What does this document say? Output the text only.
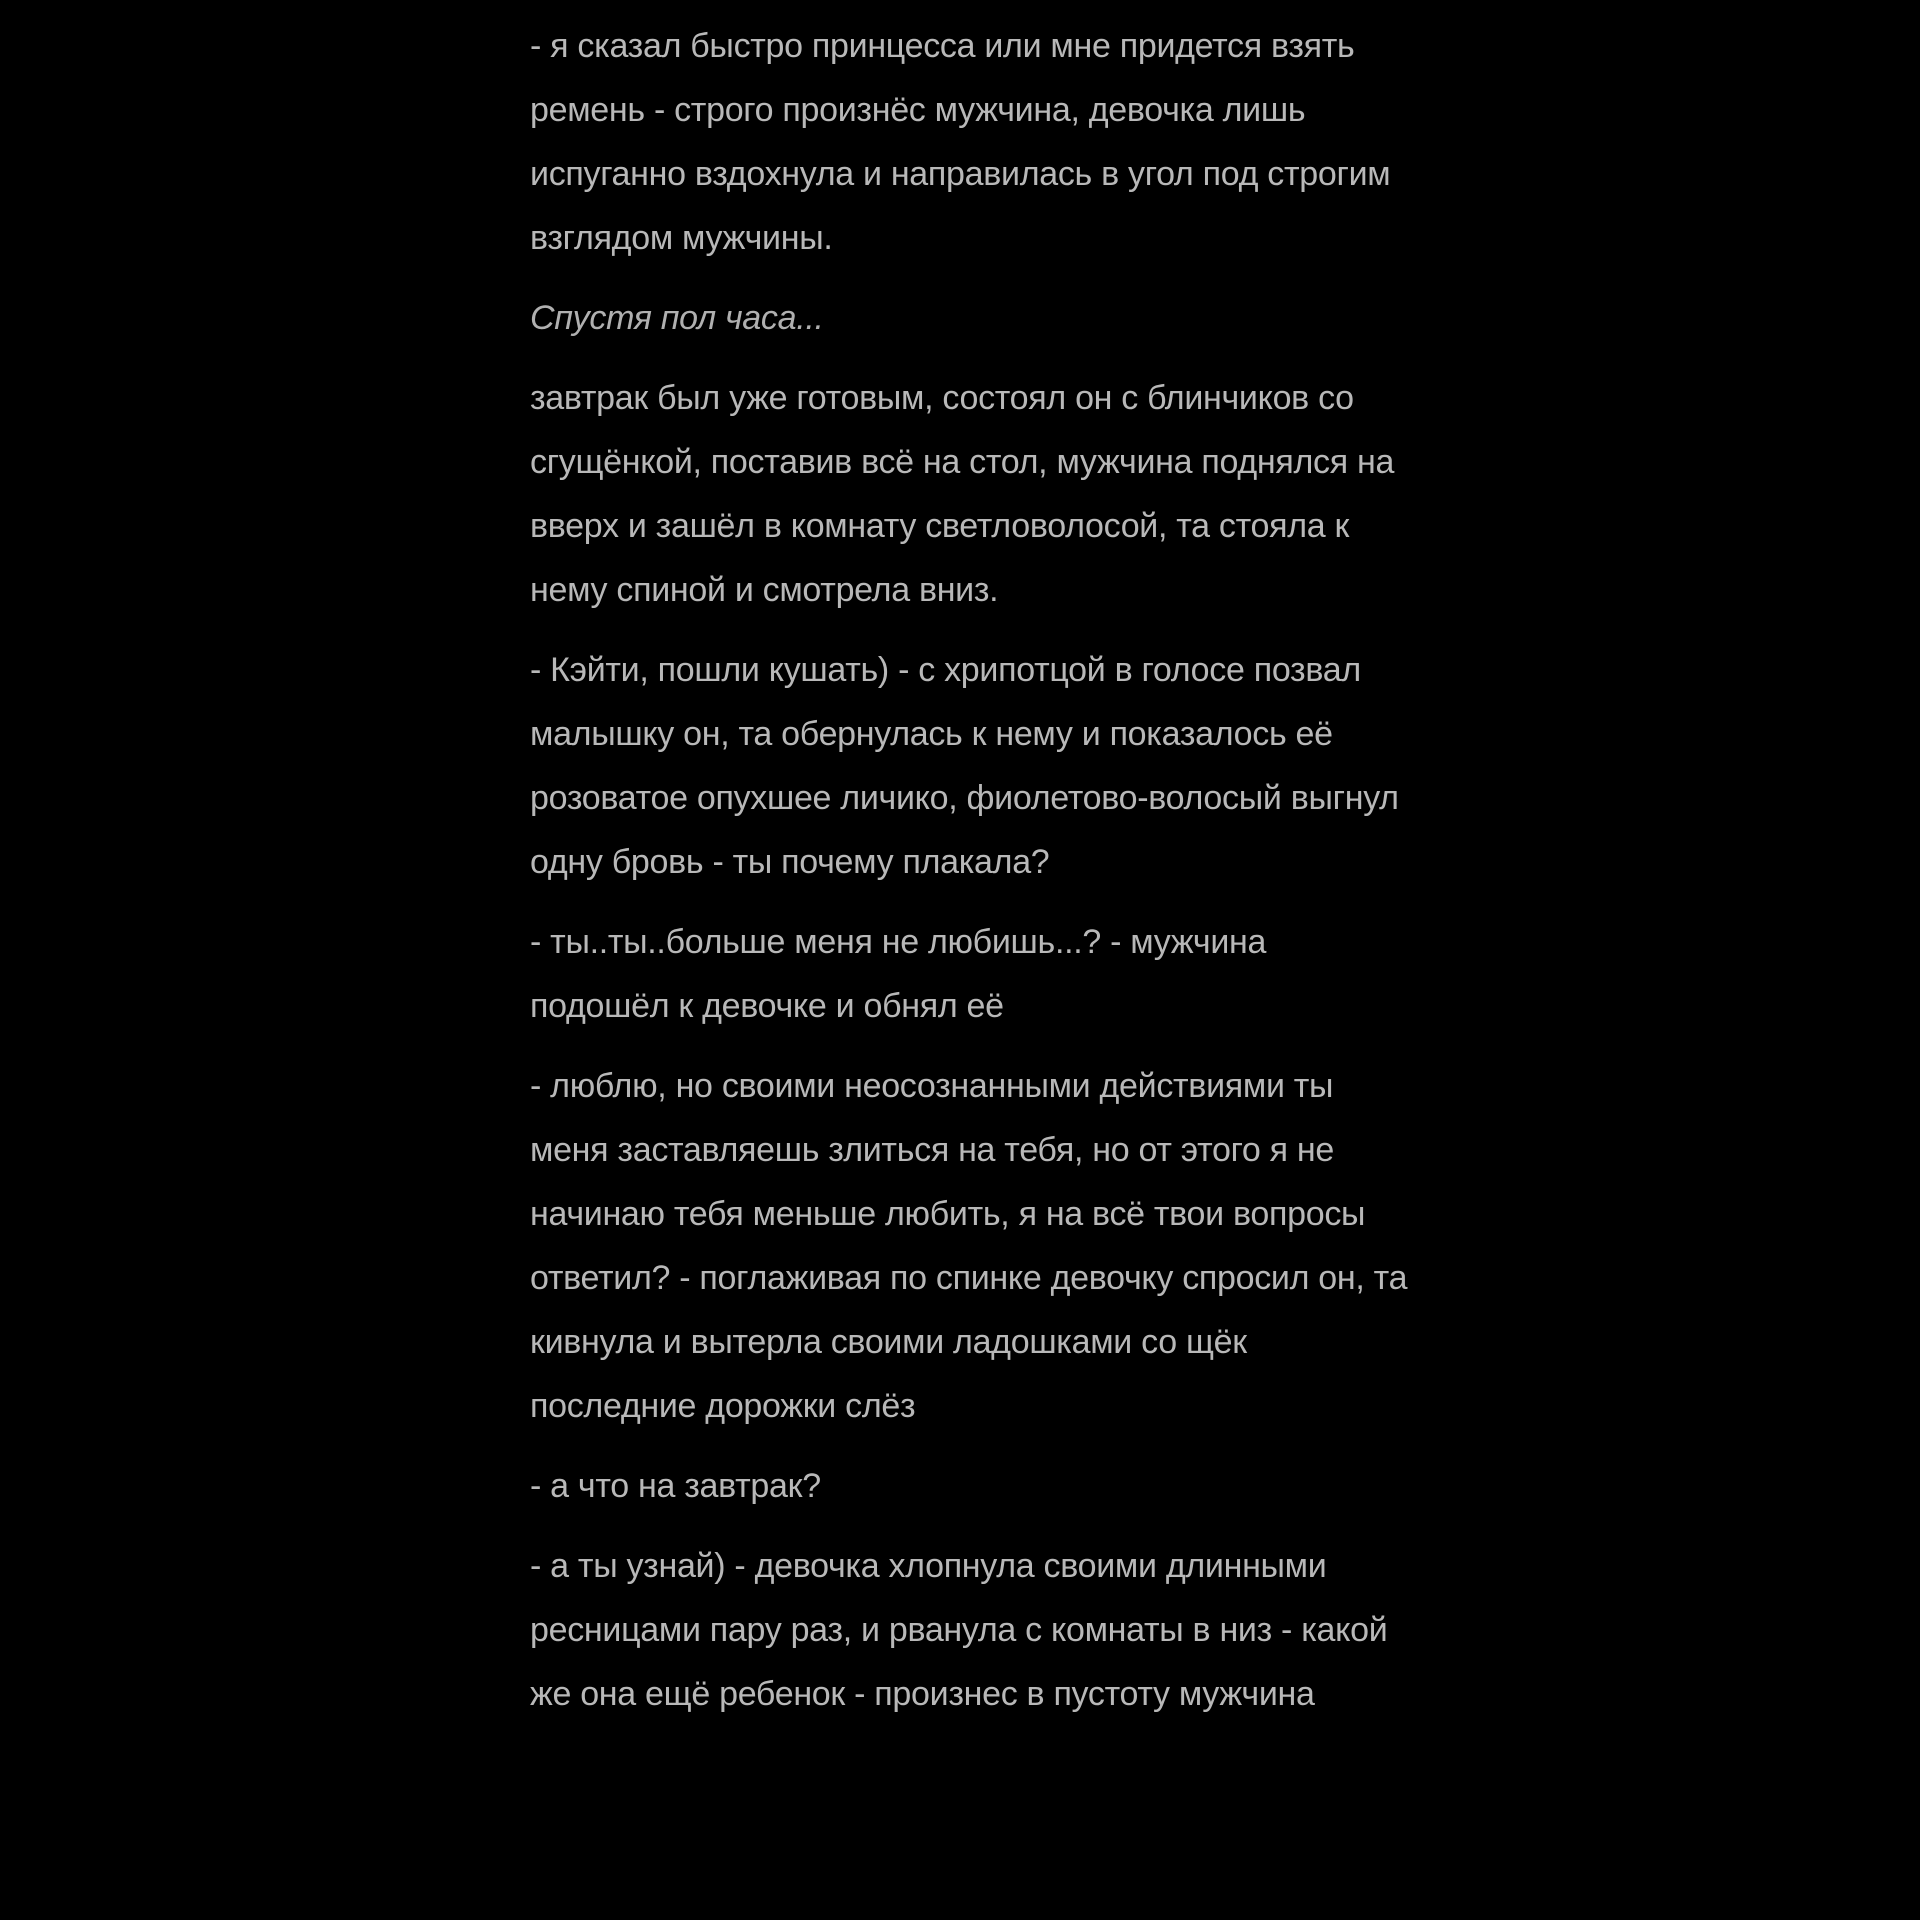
- я сказал быстро принцесса или мне придется взять ремень - строго произнёс мужчина, девочка лишь испуганно вздохнула и направилась в угол под строгим взглядом мужчины.

Спустя пол часа...

завтрак был уже готовым, состоял он с блинчиков со сгущёнкой, поставив всё на стол, мужчина поднялся на вверх и зашёл в комнату светловолосой, та стояла к нему спиной и смотрела вниз.

- Кэйти, пошли кушать) - с хрипотцой в голосе позвал малышку он, та обернулась к нему и показалось её розоватое опухшее личико, фиолетово-волосый выгнул одну бровь - ты почему плакала?

- ты..ты..больше меня не любишь...? - мужчина подошёл к девочке и обнял её

- люблю, но своими неосознанными действиями ты меня заставляешь злиться на тебя, но от этого я не начинаю тебя меньше любить, я на всё твои вопросы ответил? - поглаживая по спинке девочку спросил он, та кивнула и вытерла своими ладошками со щёк последние дорожки слёз

- а что на завтрак?

- а ты узнай) - девочка хлопнула своими длинными ресницами пару раз, и рванула с комнаты в низ - какой же она ещё ребенок - произнес в пустоту мужчина
